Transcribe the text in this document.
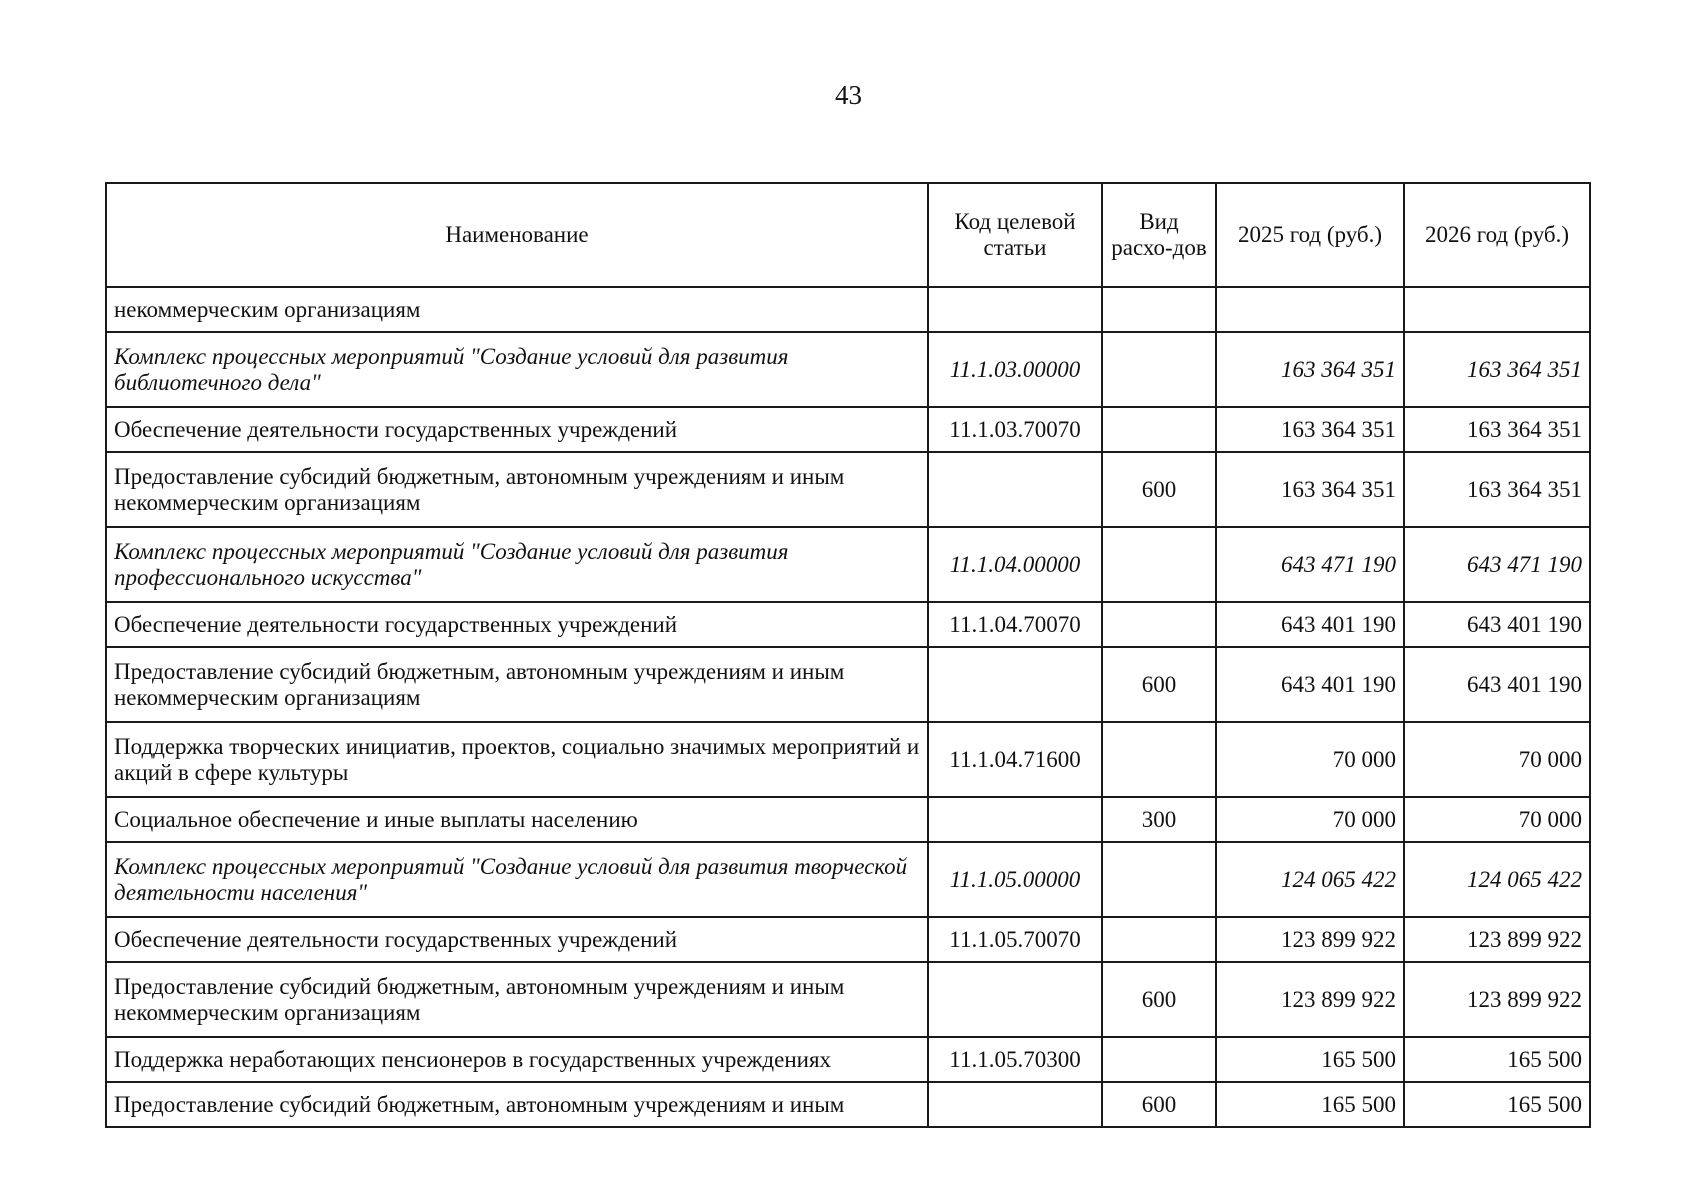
43
Наименование	Код целевой статьи	Вид расхо-дов	2025 год (руб.)	2026 год (руб.)
некоммерческим организациям				
Комплекс процессных мероприятий "Создание условий для развития библиотечного дела"	11.1.03.00000		163 364 351	163 364 351
Обеспечение деятельности государственных учреждений	11.1.03.70070		163 364 351	163 364 351
Предоставление субсидий бюджетным, автономным учреждениям и иным некоммерческим организациям		600	163 364 351	163 364 351
Комплекс процессных мероприятий "Создание условий для развития профессионального искусства"	11.1.04.00000		643 471 190	643 471 190
Обеспечение деятельности государственных учреждений	11.1.04.70070		643 401 190	643 401 190
Предоставление субсидий бюджетным, автономным учреждениям и иным некоммерческим организациям		600	643 401 190	643 401 190
Поддержка творческих инициатив, проектов, социально значимых мероприятий и акций в сфере культуры	11.1.04.71600		70 000	70 000
Социальное обеспечение и иные выплаты населению		300	70 000	70 000
Комплекс процессных мероприятий "Создание условий для развития творческой деятельности населения"	11.1.05.00000		124 065 422	124 065 422
Обеспечение деятельности государственных учреждений	11.1.05.70070		123 899 922	123 899 922
Предоставление субсидий бюджетным, автономным учреждениям и иным некоммерческим организациям		600	123 899 922	123 899 922
Поддержка неработающих пенсионеров в государственных учреждениях	11.1.05.70300		165 500	165 500
Предоставление субсидий бюджетным, автономным учреждениям и иным		600	165 500	165 500
